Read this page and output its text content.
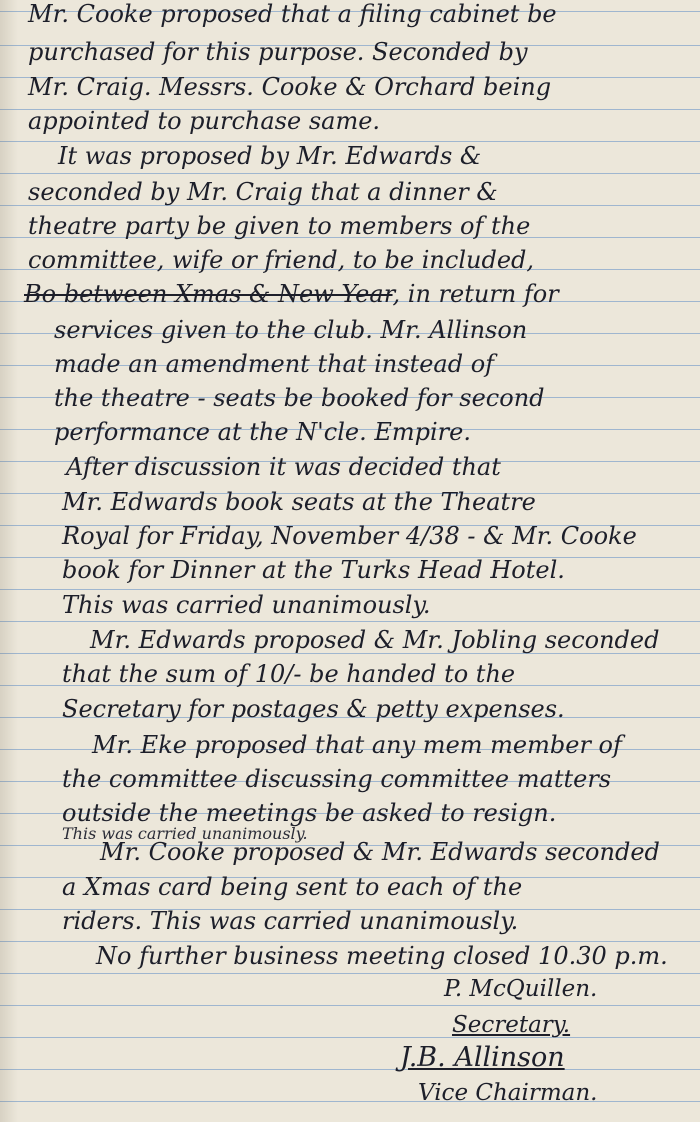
Mr. Cooke proposed that a filing cabinet be
purchased for this purpose. Seconded by
Mr. Craig. Messrs. Cooke & Orchard being
appointed to purchase same.
It was proposed by Mr. Edwards &
seconded by Mr. Craig that a dinner &
theatre party be given to members of the
committee, wife or friend, to be included,
Bo between Xmas & New Year, in return for
services given to the club. Mr. Allinson
made an amendment that instead of
the theatre - seats be booked for second
performance at the N'cle. Empire.
After discussion it was decided that
Mr. Edwards book seats at the Theatre
Royal for Friday, November 4/38 - & Mr. Cooke
book for Dinner at the Turks Head Hotel.
This was carried unanimously.
Mr. Edwards proposed & Mr. Jobling seconded
that the sum of 10/- be handed to the
Secretary for postages & petty expenses.
Mr. Eke proposed that any mem member of
the committee discussing committee matters
outside the meetings be asked to resign.
This was carried unanimously.
Mr. Cooke proposed & Mr. Edwards seconded
a Xmas card being sent to each of the
riders. This was carried unanimously.
No further business meeting closed 10.30 p.m.
P. McQuillen.
Secretary.
J.B. Allinson
Vice Chairman.
